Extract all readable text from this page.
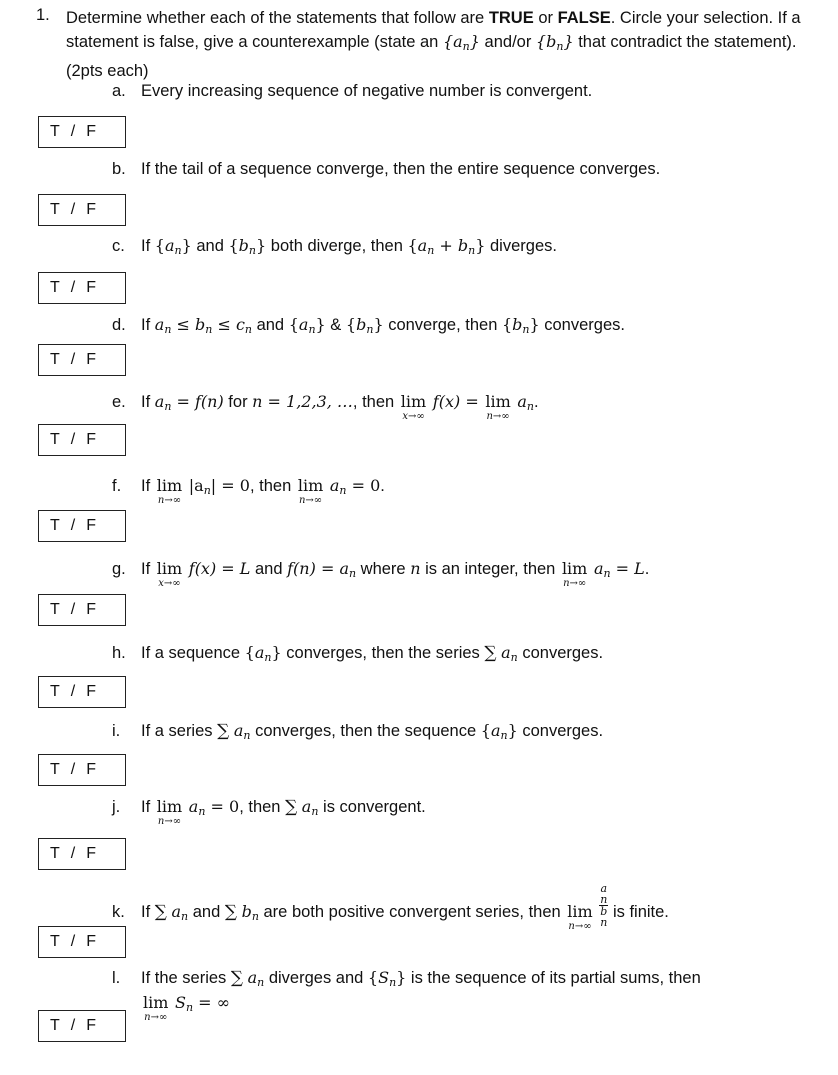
1. Determine whether each of the statements that follow are TRUE or FALSE. Circle your selection. If a statement is false, give a counterexample (state an $\{a_n\}$ and/or $\{b_n\}$ that contradict the statement). (2pts each)
a. Every increasing sequence of negative number is convergent.
T / F
b. If the tail of a sequence converge, then the entire sequence converges.
T / F
c. If $\{a_n\}$ and $\{b_n\}$ both diverge, then $\{a_n + b_n\}$ diverges.
T / F
d. If $a_n \le b_n \le c_n$ and $\{a_n\}$ & $\{b_n\}$ converge, then $\{b_n\}$ converges.
T / F
e. If $a_n = f(n)$ for n = 1,2,3, …, then lim
x→∞
f(x) = lim
n→∞
$a_n$.
T / F
f. If lim
n→∞
$|a_n| = 0$, then lim
n→∞
$a_n = 0$.
T / F
g. If lim
x→∞
f(x) = L and $f(n) = a_n$ where n is an integer, then lim
n→∞
$a_n = L$.
T / F
h. If a sequence $\{a_n\}$ converges, then the series ∑ $a_n$ converges.
T / F
i. If a series ∑ $a_n$ converges, then the sequence $\{a_n\}$ converges.
T / F
j. If lim
n→∞
$a_n = 0$, then ∑ $a_n$ is convergent.
T / F
k. If ∑ $a_n$ and ∑ $b_n$ are both positive convergent series, then lim
n→∞
a
n
b
n is finite.
T / F
l. If the series ∑ $a_n$ diverges and $\{S_n\}$ is the sequence of its partial sums, then
lim
n→∞
$S_n$ = ∞
T / F
